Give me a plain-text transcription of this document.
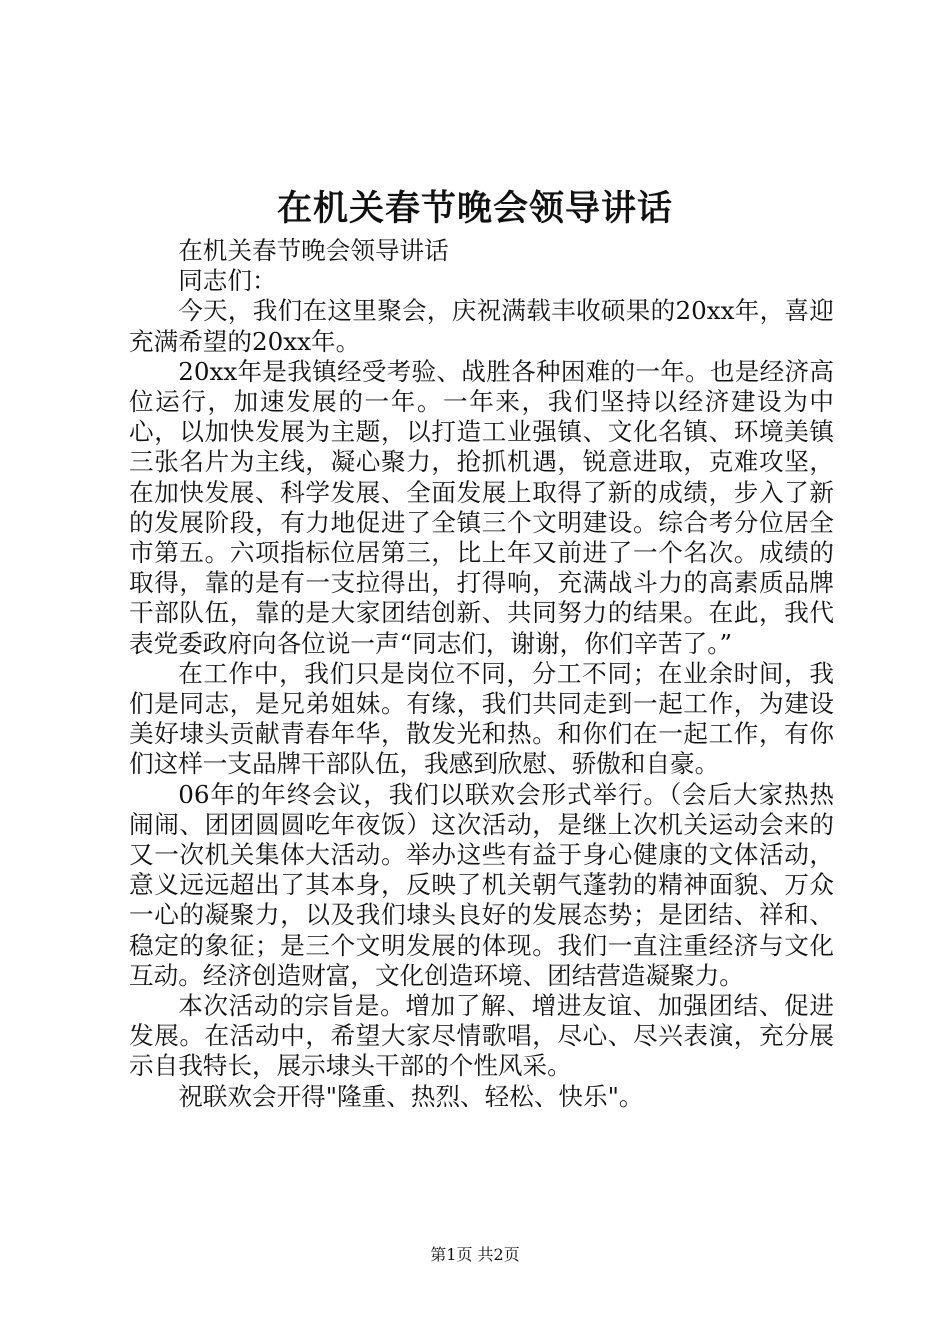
在机关春节晚会领导讲话

在机关春节晚会领导讲话

同志们：

今天，我们在这里聚会，庆祝满载丰收硕果的20xx年，喜迎充满希望的20xx年。

20xx年是我镇经受考验、战胜各种困难的一年。也是经济高位运行，加速发展的一年。一年来，我们坚持以经济建设为中心，以加快发展为主题，以打造工业强镇、文化名镇、环境美镇三张名片为主线，凝心聚力，抢抓机遇，锐意进取，克难攻坚，在加快发展、科学发展、全面发展上取得了新的成绩，步入了新的发展阶段，有力地促进了全镇三个文明建设。综合考分位居全市第五。六项指标位居第三，比上年又前进了一个名次。成绩的取得，靠的是有一支拉得出，打得响，充满战斗力的高素质品牌干部队伍，靠的是大家团结创新、共同努力的结果。在此，我代表党委政府向各位说一声“同志们，谢谢，你们辛苦了。”

在工作中，我们只是岗位不同，分工不同；在业余时间，我们是同志，是兄弟姐妹。有缘，我们共同走到一起工作，为建设美好埭头贡献青春年华，散发光和热。和你们在一起工作，有你们这样一支品牌干部队伍，我感到欣慰、骄傲和自豪。

06年的年终会议，我们以联欢会形式举行。（会后大家热热闹闹、团团圆圆吃年夜饭）这次活动，是继上次机关运动会来的又一次机关集体大活动。举办这些有益于身心健康的文体活动，意义远远超出了其本身，反映了机关朝气蓬勃的精神面貌、万众一心的凝聚力，以及我们埭头良好的发展态势；是团结、祥和、稳定的象征；是三个文明发展的体现。我们一直注重经济与文化互动。经济创造财富，文化创造环境、团结营造凝聚力。

本次活动的宗旨是。增加了解、增进友谊、加强团结、促进发展。在活动中，希望大家尽情歌唱，尽心、尽兴表演，充分展示自我特长，展示埭头干部的个性风采。

祝联欢会开得"隆重、热烈、轻松、快乐"。

第1页 共2页
